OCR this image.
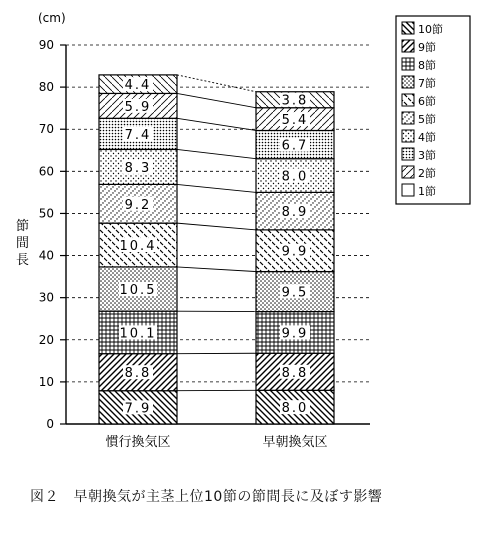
(cm)
0
10
20
30
40
50
60
70
80
90
節間長
7.9
8.8
10.1
10.5
10.4
9.2
8.3
7.4
5.9
4.4
8.0
8.8
9.9
9.5
9.9
8.9
8.0
6.7
5.4
3.8
慣行換気区	早朝換気区
10節
9節
8節
7節
6節
5節
4節
3節
2節
1節
図２　早朝換気が主茎上位10節の節間長に及ぼす影響
